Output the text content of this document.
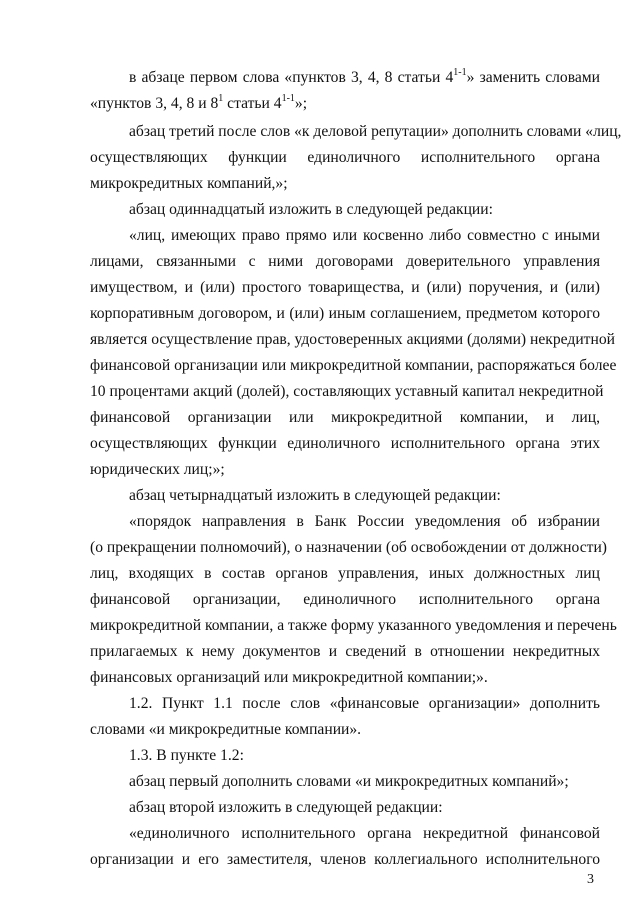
в абзаце первом слова «пунктов 3, 4, 8 статьи 4$^{1-1}$» заменить словами

«пунктов 3, 4, 8 и $8^1$ статьи 4$^{1-1}$»;

абзац третий после слов «к деловой репутации» дополнить словами «лиц,

осуществляющих функции единоличного исполнительного органа

микрокредитных компаний,»;

абзац одиннадцатый изложить в следующей редакции:

«лиц, имеющих право прямо или косвенно либо совместно с иными

лицами, связанными с ними договорами доверительного управления

имуществом, и (или) простого товарищества, и (или) поручения, и (или)

корпоративным договором, и (или) иным соглашением, предметом которого

является осуществление прав, удостоверенных акциями (долями) некредитной

финансовой организации или микрокредитной компании, распоряжаться более

10 процентами акций (долей), составляющих уставный капитал некредитной

финансовой организации или микрокредитной компании, и лиц,

осуществляющих функции единоличного исполнительного органа этих

юридических лиц;»;

абзац четырнадцатый изложить в следующей редакции:

«порядок направления в Банк России уведомления об избрании

(о прекращении полномочий), о назначении (об освобождении от должности)

лиц, входящих в состав органов управления, иных должностных лиц

финансовой организации, единоличного исполнительного органа

микрокредитной компании, а также форму указанного уведомления и перечень

прилагаемых к нему документов и сведений в отношении некредитных

финансовых организаций или микрокредитной компании;».

1.2. Пункт 1.1 после слов «финансовые организации» дополнить

словами «и микрокредитные компании».

1.3. В пункте 1.2:

абзац первый дополнить словами «и микрокредитных компаний»;

абзац второй изложить в следующей редакции:

«единоличного исполнительного органа некредитной финансовой

организации и его заместителя, членов коллегиального исполнительного

3
